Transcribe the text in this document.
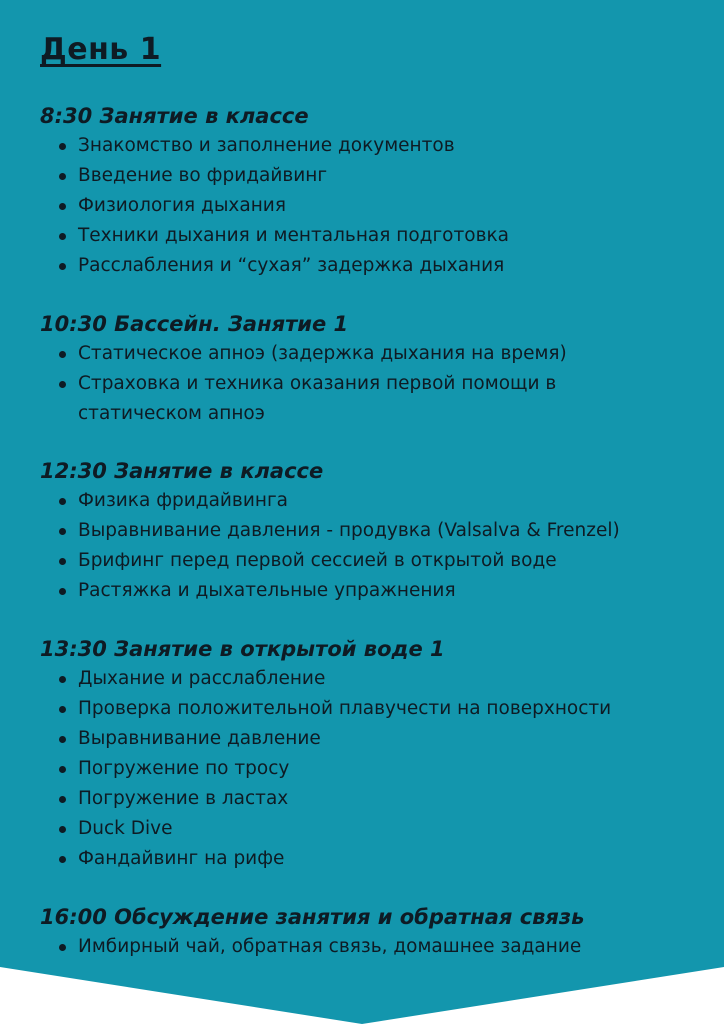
День 1
8:30 Занятие в классе
Знакомство и заполнение документов
Введение во фридайвинг
Физиология дыхания
Техники дыхания и ментальная подготовка
Расслабления и “сухая” задержка дыхания
10:30 Бассейн. Занятие 1
Статическое апноэ (задержка дыхания на время)
Страховка и техника оказания первой помощи в статическом апноэ
12:30 Занятие в классе
Физика фридайвинга
Выравнивание давления - продувка (Valsalva & Frenzel)
Брифинг перед первой сессией в открытой воде
Растяжка и дыхательные упражнения
13:30 Занятие в открытой воде 1
Дыхание и расслабление
Проверка положительной плавучести на поверхности
Выравнивание давление
Погружение по тросу
Погружение в ластах
Duck Dive
Фандайвинг на рифе
16:00 Обсуждение занятия и обратная связь
Имбирный чай, обратная связь, домашнее задание
